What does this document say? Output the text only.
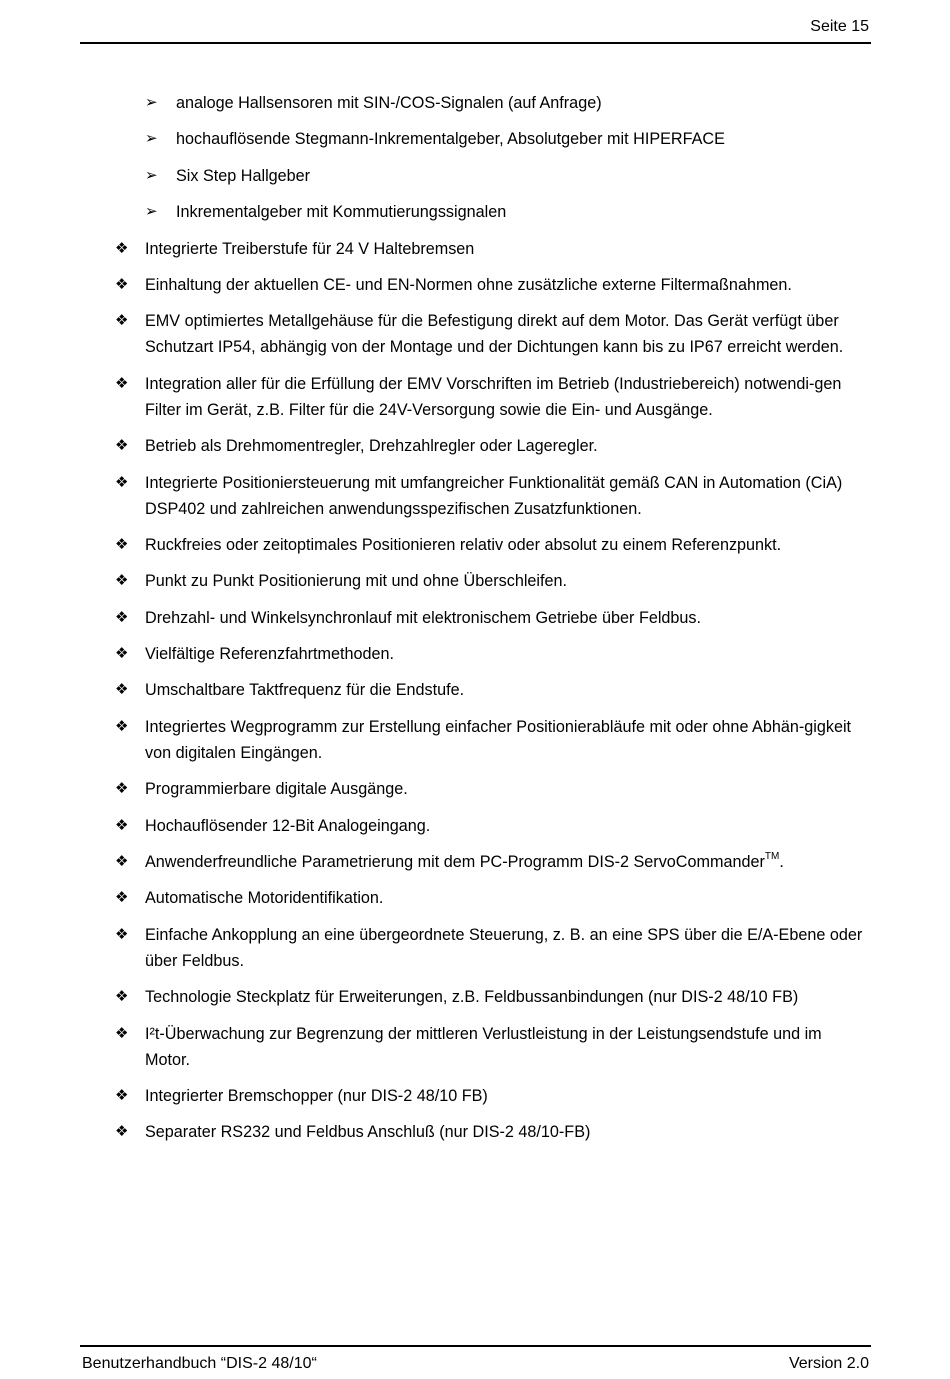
Seite 15
➢ analoge Hallsensoren mit SIN-/COS-Signalen (auf Anfrage)
➢ hochauflösende Stegmann-Inkrementalgeber, Absolutgeber mit HIPERFACE
➢ Six Step Hallgeber
➢ Inkrementalgeber mit Kommutierungssignalen
❖ Integrierte Treiberstufe für 24 V Haltebremsen
❖ Einhaltung der aktuellen CE- und EN-Normen ohne zusätzliche externe Filtermaßnahmen.
❖ EMV optimiertes Metallgehäuse für die Befestigung direkt auf dem Motor. Das Gerät verfügt über Schutzart IP54, abhängig von der Montage und der Dichtungen kann bis zu IP67 erreicht werden.
❖ Integration aller für die Erfüllung der EMV Vorschriften im Betrieb (Industriebereich) notwendi-gen Filter im Gerät, z.B. Filter für die 24V-Versorgung sowie die Ein- und Ausgänge.
❖ Betrieb als Drehmomentregler, Drehzahlregler oder Lageregler.
❖ Integrierte Positioniersteuerung mit umfangreicher Funktionalität gemäß CAN in Automation (CiA) DSP402 und zahlreichen anwendungsspezifischen Zusatzfunktionen.
❖ Ruckfreies oder zeitoptimales Positionieren relativ oder absolut zu einem Referenzpunkt.
❖ Punkt zu Punkt Positionierung mit und ohne Überschleifen.
❖ Drehzahl- und Winkelsynchronlauf mit elektronischem Getriebe über Feldbus.
❖ Vielfältige Referenzfahrtmethoden.
❖ Umschaltbare Taktfrequenz für die Endstufe.
❖ Integriertes Wegprogramm zur Erstellung einfacher Positionierabläufe mit oder ohne Abhän-gigkeit von digitalen Eingängen.
❖ Programmierbare digitale Ausgänge.
❖ Hochauflösender 12-Bit Analogeingang.
❖ Anwenderfreundliche Parametrierung mit dem PC-Programm DIS-2 ServoCommander™.
❖ Automatische Motoridentifikation.
❖ Einfache Ankopplung an eine übergeordnete Steuerung, z. B. an eine SPS über die E/A-Ebene oder über Feldbus.
❖ Technologie Steckplatz für Erweiterungen, z.B. Feldbussanbindungen (nur DIS-2 48/10 FB)
❖ I²t-Überwachung zur Begrenzung der mittleren Verlustleistung in der Leistungsendstufe und im Motor.
❖ Integrierter Bremschopper (nur DIS-2 48/10 FB)
❖ Separater RS232 und Feldbus Anschluß (nur DIS-2 48/10-FB)
Benutzerhandbuch “DIS-2 48/10“	Version 2.0
